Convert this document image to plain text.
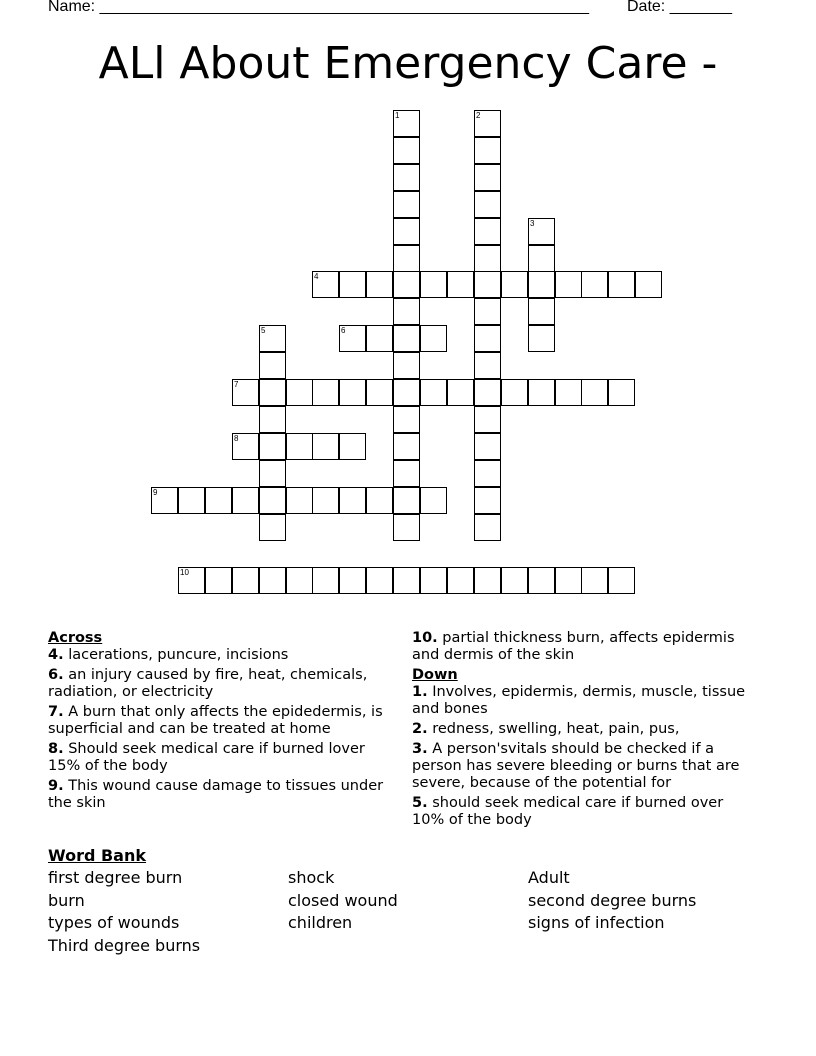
Name: _______________________________________________________ Date: _______
ALl About Emergency Care -
1	2
3
4
5	6
7
8
9
10
Across
4. lacerations, puncure, incisions
6. an injury caused by fire, heat, chemicals, radiation, or electricity
7. A burn that only affects the epidedermis, is superficial and can be treated at home
8. Should seek medical care if burned lover 15% of the body
9. This wound cause damage to tissues under the skin
10. partial thickness burn, affects epidermis and dermis of the skin
Down
1. Involves, epidermis, dermis, muscle, tissue and bones
2. redness, swelling, heat, pain, pus,
3. A person'svitals should be checked if a person has severe bleeding or burns that are severe, because of the potential for
5. should seek medical care if burned over 10% of the body
Word Bank
first degree burn	shock	Adult
burn	closed wound	second degree burns
types of wounds	children	signs of infection
Third degree burns
